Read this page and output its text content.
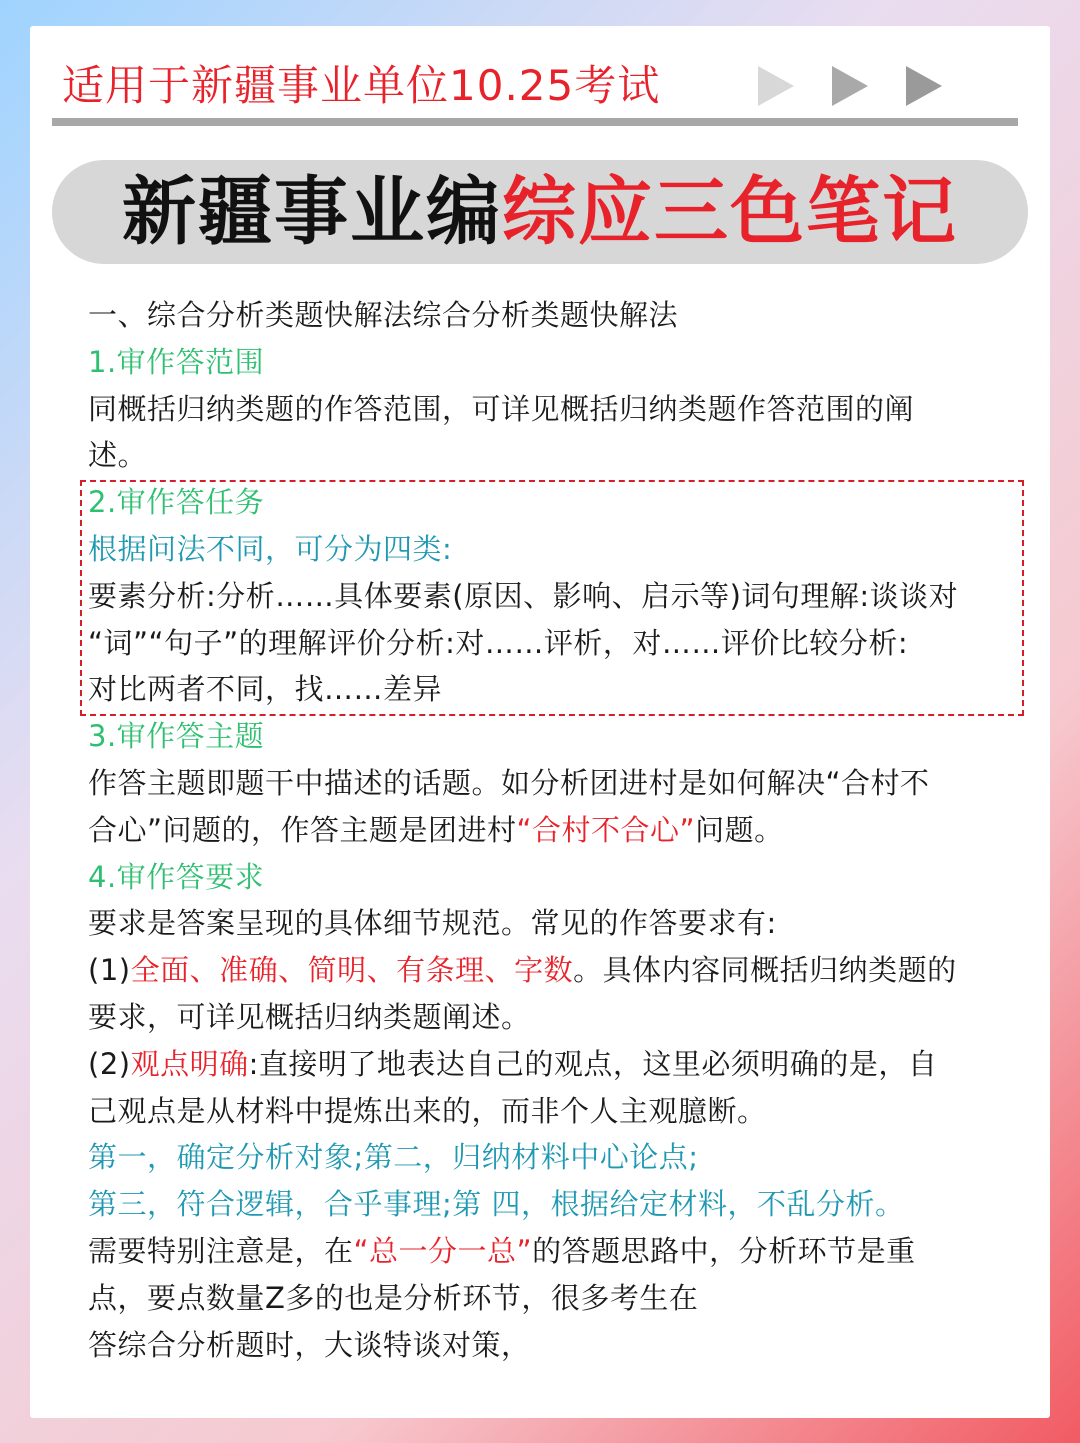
适用于新疆事业单位10.25考试
新疆事业编综应三色笔记
一、综合分析类题快解法综合分析类题快解法
1.审作答范围
同概括归纳类题的作答范围，可详见概括归纳类题作答范围的阐
述。
2.审作答任务
根据问法不同，可分为四类:
要素分析:分析……具体要素(原因、影响、启示等)词句理解:谈谈对
“词”“句子”的理解评价分析:对……评析，对……评价比较分析:
对比两者不同，找……差异
3.审作答主题
作答主题即题干中描述的话题。如分析团进村是如何解决“合村不
合心”问题的，作答主题是团进村“合村不合心”问题。
4.审作答要求
要求是答案呈现的具体细节规范。常见的作答要求有:
(1)全面、准确、简明、有条理、字数。具体内容同概括归纳类题的
要求，可详见概括归纳类题阐述。
(2)观点明确:直接明了地表达自己的观点，这里必须明确的是，自
己观点是从材料中提炼出来的，而非个人主观臆断。
第一，确定分析对象;第二，归纳材料中心论点;
第三，符合逻辑，合乎事理;第 四，根据给定材料，不乱分析。
需要特别注意是，在“总一分一总”的答题思路中，分析环节是重
点，要点数量Z多的也是分析环节，很多考生在
答综合分析题时，大谈特谈对策，
